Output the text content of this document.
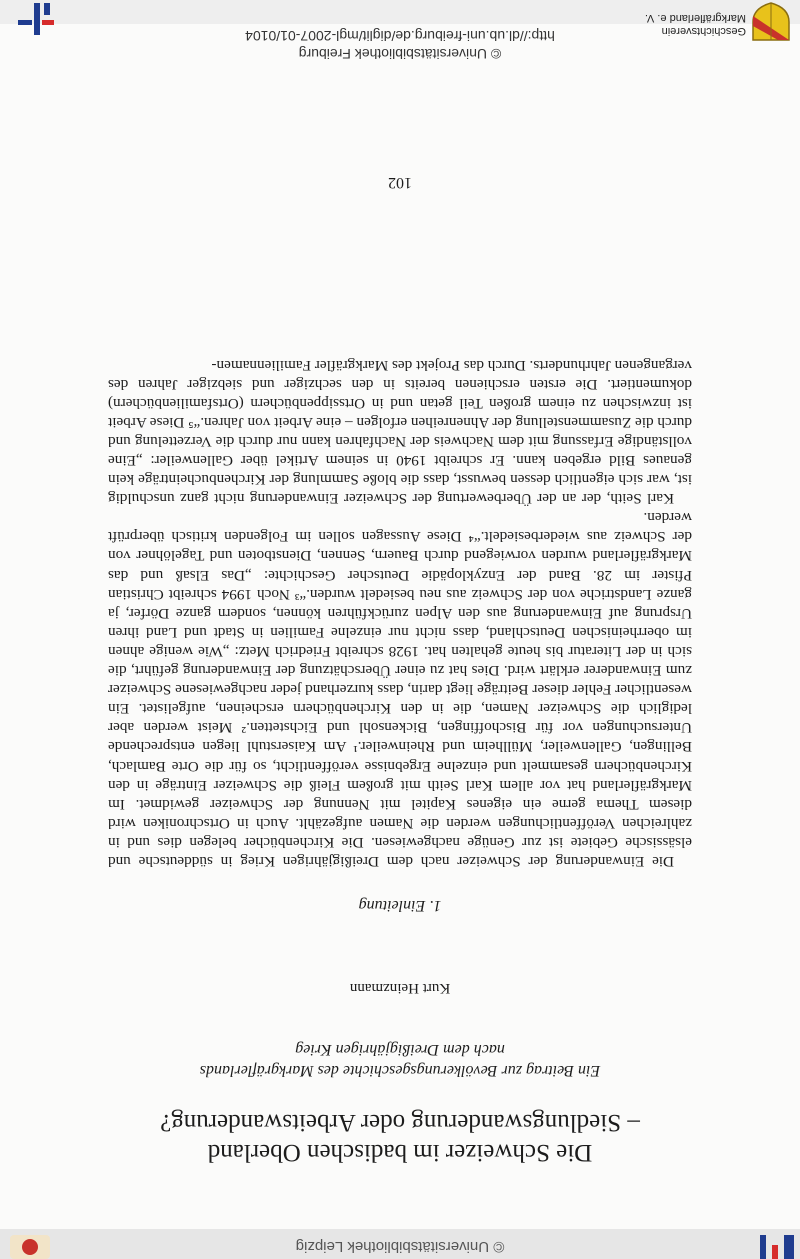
© Universitätsbibliothek Leipzig
Die Schweizer im badischen Oberland
– Siedlungswanderung oder Arbeitswanderung?
Ein Beitrag zur Bevölkerungsgeschichte des Markgräflerlands
nach dem Dreißigjährigen Krieg
Kurt Heinzmann
1. Einleitung

Die Einwanderung der Schweizer nach dem Dreißigjährigen Krieg in süddeutsche und elsässische Gebiete ist zur Genüge nachgewiesen. Die Kirchenbücher belegen dies und in zahlreichen Veröffentlichungen werden die Namen aufgezählt. Auch in Ortschroniken wird diesem Thema gerne ein eigenes Kapitel mit Nennung der Schweizer gewidmet. Im Markgräflerland hat vor allem Karl Seith mit großem Fleiß die Schweizer Einträge in den Kirchenbüchern gesammelt und einzelne Ergebnisse veröffentlicht, so für die Orte Bamlach, Bellingen, Gallenweiler, Müllheim und Rheinweiler.¹ Am Kaiserstuhl liegen entsprechende Untersuchungen vor für Bischoffingen, Bickensohl und Eichstetten.² Meist werden aber lediglich die Schweizer Namen, die in den Kirchenbüchern erscheinen, aufgelistet. Ein wesentlicher Fehler dieser Beiträge liegt darin, dass kurzerhand jeder nachgewiesene Schweizer zum Einwanderer erklärt wird. Dies hat zu einer Überschätzung der Einwanderung geführt, die sich in der Literatur bis heute gehalten hat. 1928 schreibt Friedrich Metz: „Wie wenige ahnen im oberrheinischen Deutschland, dass nicht nur einzelne Familien in Stadt und Land ihren Ursprung auf Einwanderung aus den Alpen zurückführen können, sondern ganze Dörfer, ja ganze Landstriche von der Schweiz aus neu besiedelt wurden.“³ Noch 1994 schreibt Christian Pfister im 28. Band der Enzyklopädie Deutscher Geschichte: „Das Elsaß und das Markgräflerland wurden vorwiegend durch Bauern, Sennen, Dienstboten und Tagelöhner von der Schweiz aus wiederbesiedelt.“⁴ Diese Aussagen sollen im Folgenden kritisch überprüft werden.

Karl Seith, der an der Überbewertung der Schweizer Einwanderung nicht ganz unschuldig ist, war sich eigentlich dessen bewusst, dass die bloße Sammlung der Kirchenbucheinträge kein genaues Bild ergeben kann. Er schreibt 1940 in seinem Artikel über Gallenweiler: „Eine vollständige Erfassung mit dem Nachweis der Nachfahren kann nur durch die Verzettelung und durch die Zusammenstellung der Ahnenreihen erfolgen – eine Arbeit von Jahren.“⁵ Diese Arbeit ist inzwischen zu einem großen Teil getan und in Ortssippenbüchern (Ortsfamilienbüchern) dokumentiert. Die ersten erschienen bereits in den sechziger und siebziger Jahren des vergangenen Jahrhunderts. Durch das Projekt des Markgräfler Familiennamen-

102
© Universitätsbibliothek Freiburg
http://dl.ub.uni-freiburg.de/diglit/mgl-2007-01/0104	Geschichtsverein
Markgräflerland e. V.
